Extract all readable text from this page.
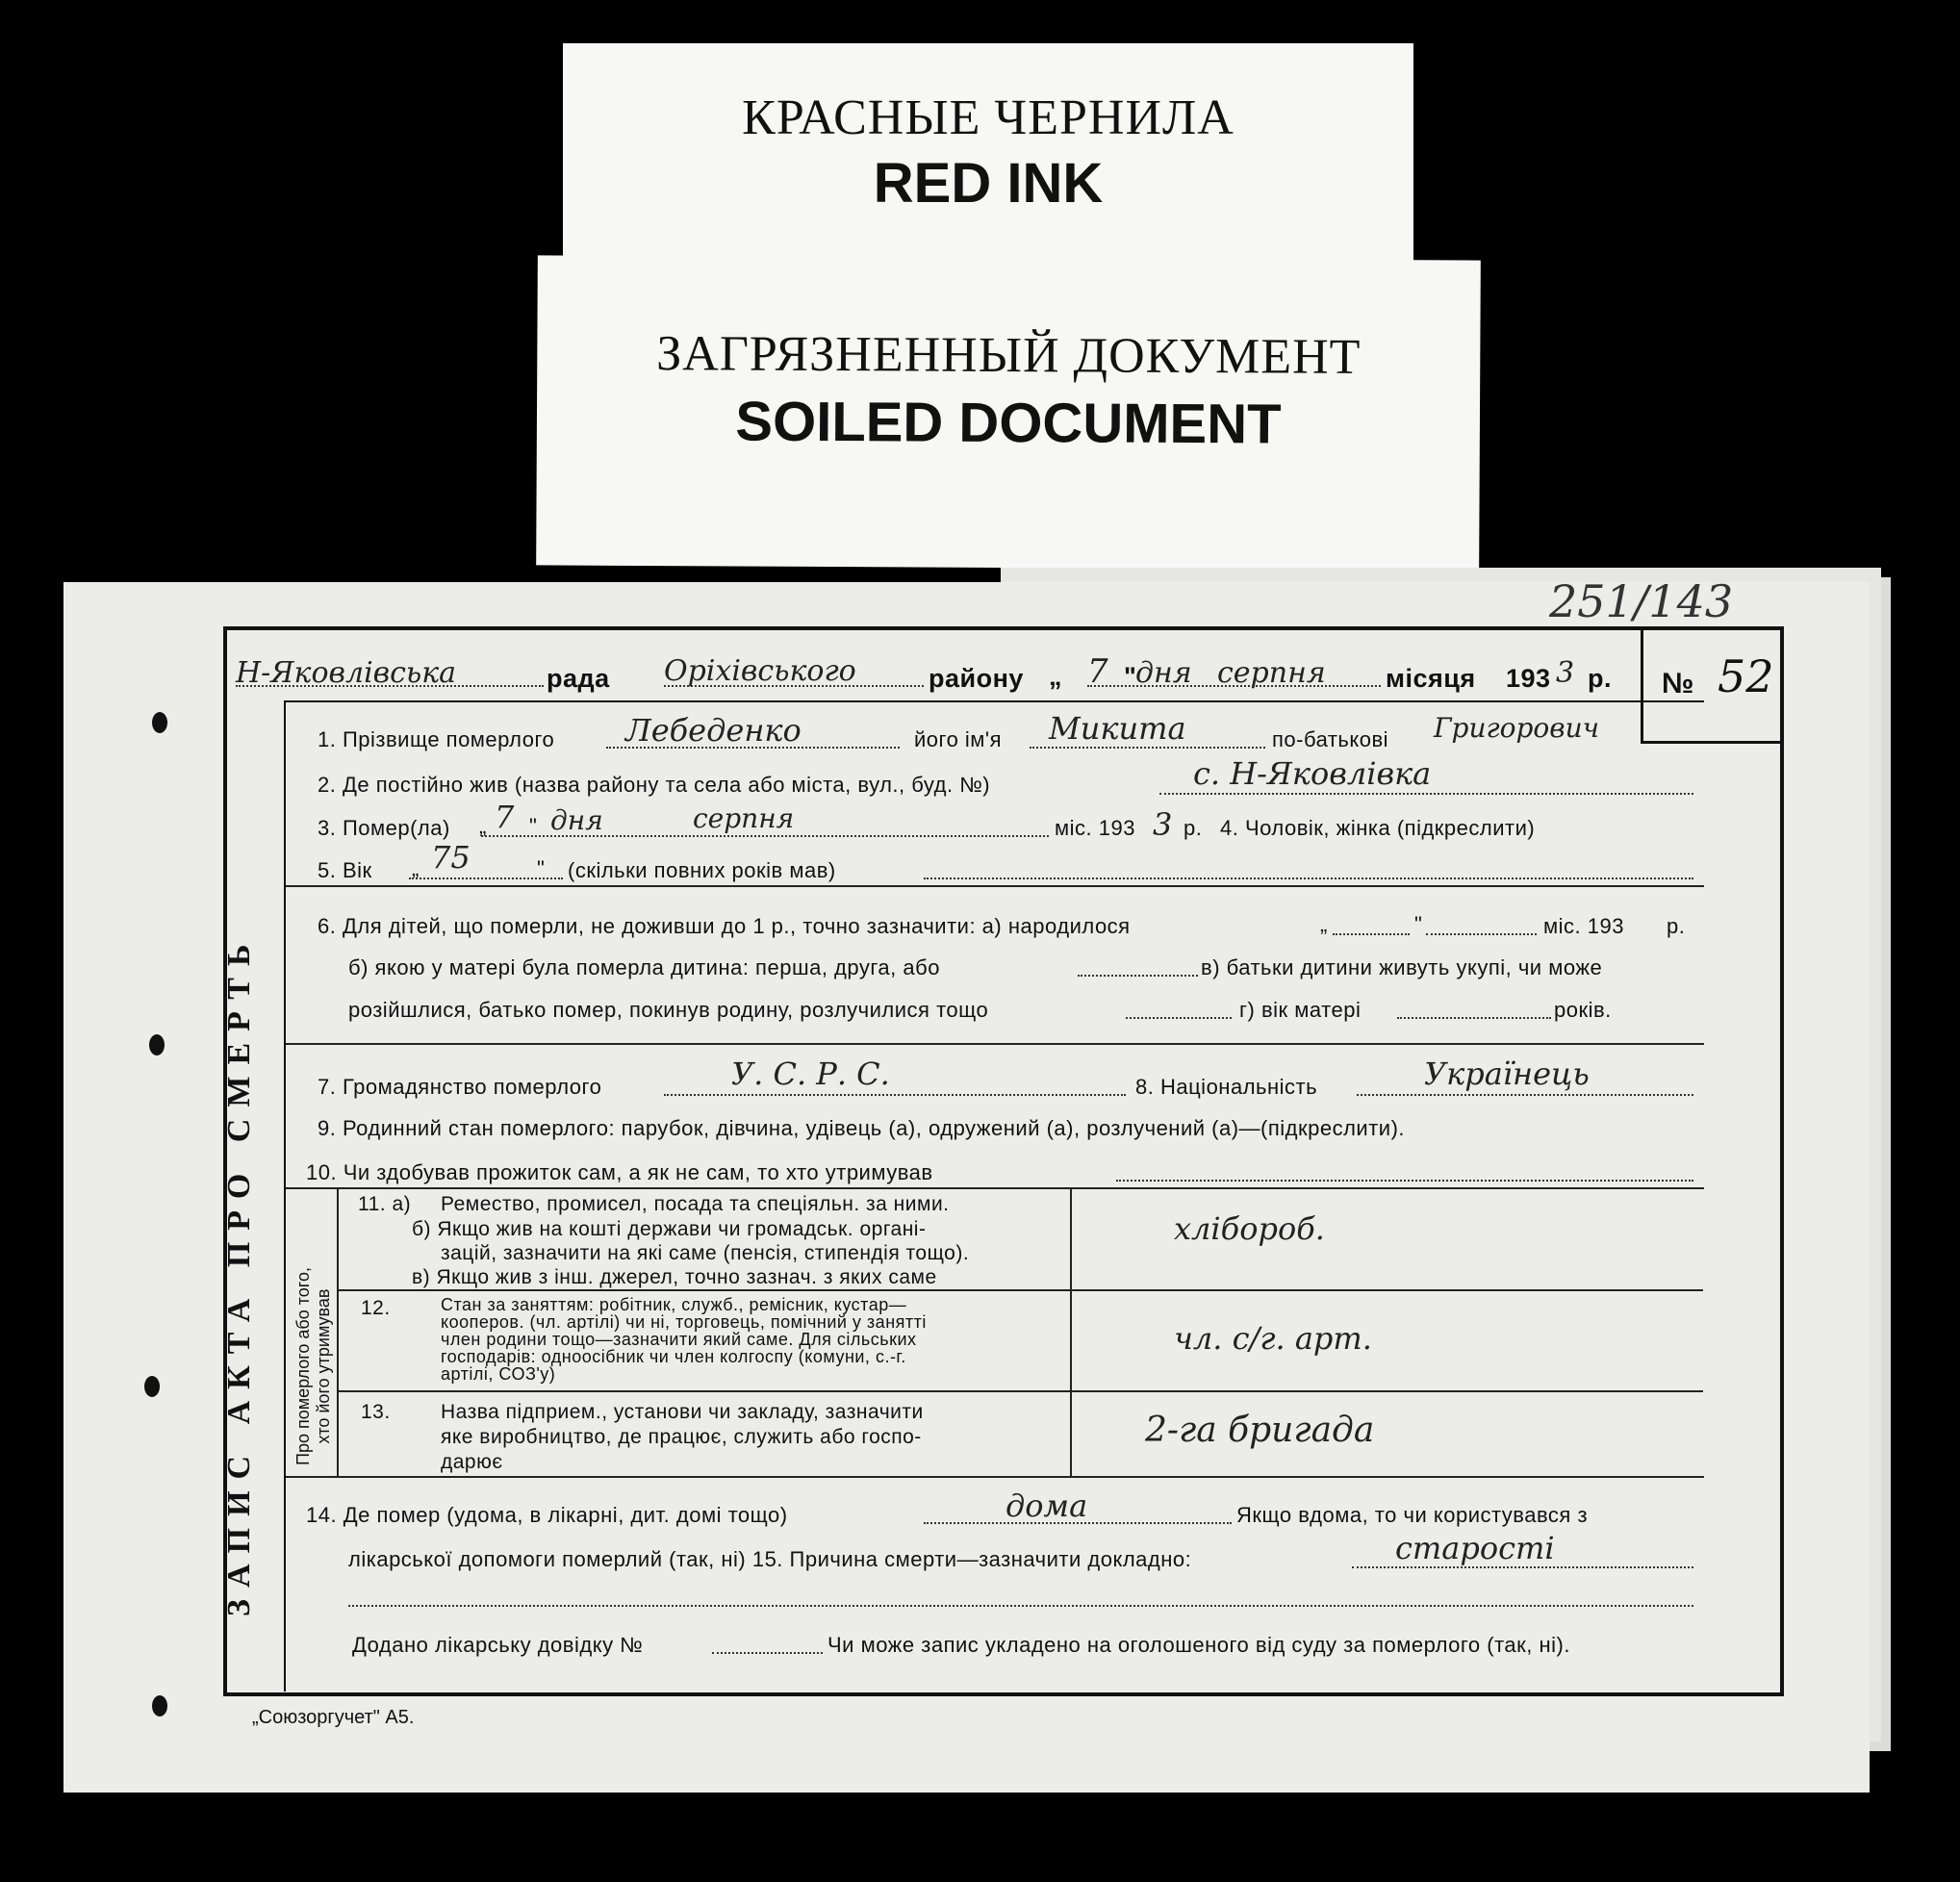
КРАСНЫЕ ЧЕРНИЛА
RED INK
ЗАГРЯЗНЕННЫЙ ДОКУМЕНТ
SOILED DOCUMENT
251/143
№ 52
ЗАПИС АКТА ПРО СМЕРТЬ Про померлого або того, хто його утримував
Н-Яковлівська	рада Оріхівського	району „ 7 "
дня серпня місяця 193 3 р.
1. Прізвище померлого Лебеденко	його ім'я Микита	по-батькові Григорович
2. Де постійно жив (назва району та села або міста, вул., буд. №)	с. Н-Яковлівка
3. Помер(ла) „ 7 " дня	серпня	міс. 193 3 р. 4. Чоловік, жінка (підкреслити)
5. Вік „ 75	" (скільки повних років мав)
6. Для дітей, що померли, не доживши до 1 р., точно зазначити: а) народилося	„	"	міс. 193 р.
б) якою у матері була померла дитина: перша, друга, або	в) батьки дитини живуть укупі, чи може
розійшлися, батько помер, покинув родину, розлучилися тощо	г) вік матері	років.
7. Громадянство померлого	У. С. Р. С.	8. Національність	Українець
9. Родинний стан померлого: парубок, дівчина, удівець (а), одружений (а), розлучений (а)—(підкреслити).
10. Чи здобував прожиток сам, а як не сам, то хто утримував
11. а) Ремество, промисел, посада та спеціяльн. за ними.
б) Якщо жив на коштi держави чи громадськ. органі-
зацій, зазначити на які саме (пенсія, стипендія тощо).
в) Якщо жив з інш. джерел, точно зазнач. з яких саме
хлібороб.
12.	Стан за заняттям: робітник, служб., ремісник, кустар—
кооперов. (чл. артілі) чи ні, торговець, помічний у занятті
член родини тощо—зазначити який саме. Для сільських
господарів: одноосібник чи член колгоспу (комуни, с.-г.
артілі, СОЗ'у)
чл. с/г. арт.
13. Назва підприем., установи чи закладу, зазначити
яке виробництво, де працює, служить або госпо-
дарює
2-га бригада
14. Де помер (удома, в лікарні, дит. домі тощо)	дома	Якщо вдома, то чи користувався з
лікарської допомоги померлий (так, ні) 15. Причина смерти—зазначити докладно:	старості
Додано лікарську довідку №	Чи може запис укладено на оголошеного від суду за померлого (так, ні).
„Союзоргучет" А5.
